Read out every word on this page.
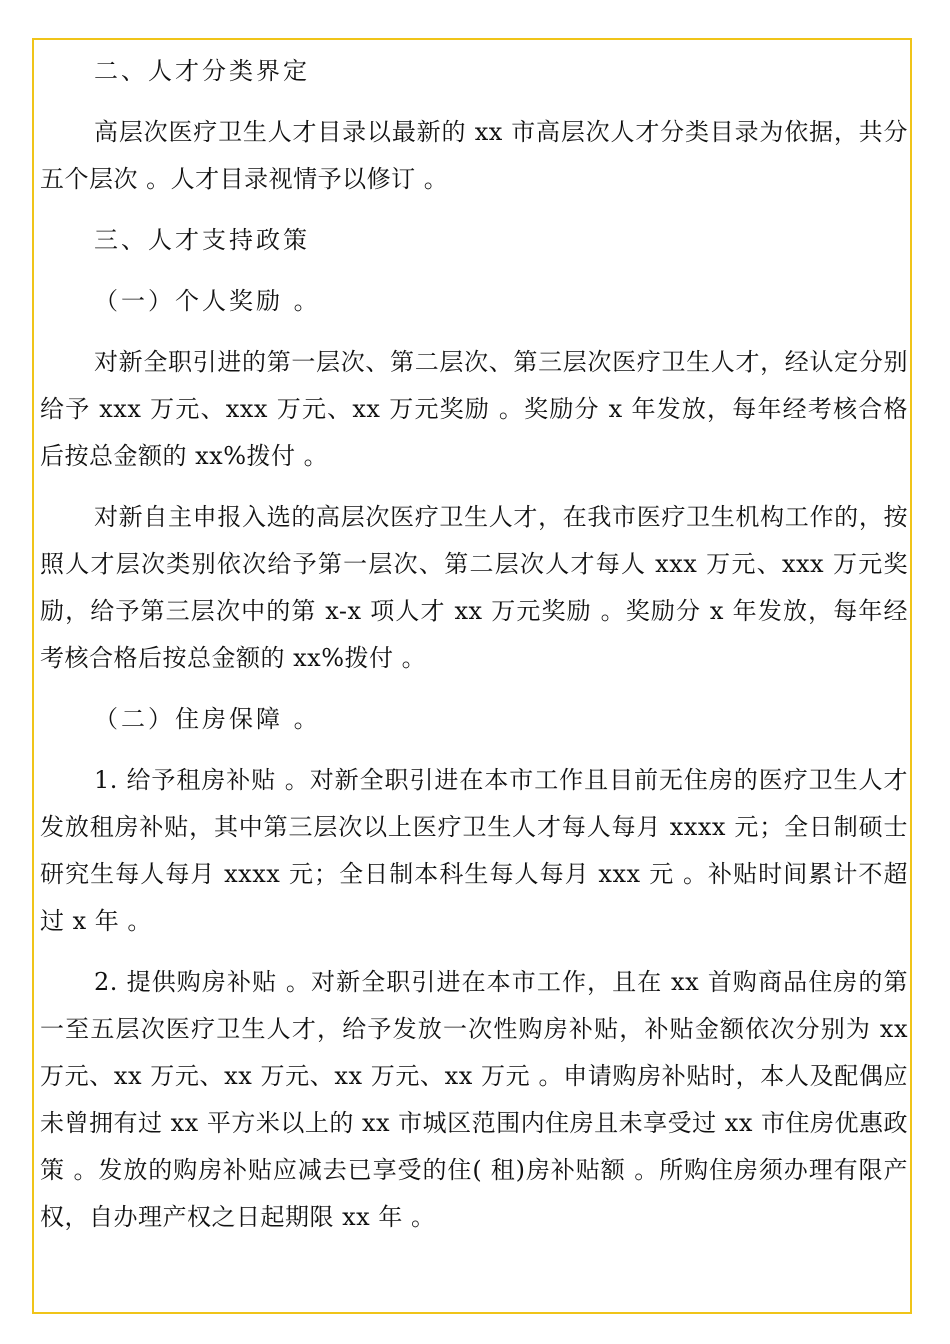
二、人才分类界定

高层次医疗卫生人才目录以最新的 xx 市高层次人才分类目录为依据，共分五个层次 。人才目录视情予以修订 。

三、人才支持政策

（一）个人奖励 。

对新全职引进的第一层次、第二层次、第三层次医疗卫生人才，经认定分别给予 xxx 万元、xxx 万元、xx 万元奖励 。奖励分 x 年发放，每年经考核合格后按总金额的 xx%拨付 。

对新自主申报入选的高层次医疗卫生人才，在我市医疗卫生机构工作的，按照人才层次类别依次给予第一层次、第二层次人才每人 xxx 万元、xxx 万元奖励，给予第三层次中的第 x-x 项人才 xx 万元奖励 。奖励分 x 年发放，每年经考核合格后按总金额的 xx%拨付 。

（二）住房保障 。

1. 给予租房补贴 。对新全职引进在本市工作且目前无住房的医疗卫生人才发放租房补贴，其中第三层次以上医疗卫生人才每人每月 xxxx 元；全日制硕士研究生每人每月 xxxx 元；全日制本科生每人每月 xxx 元 。补贴时间累计不超过 x 年 。

2. 提供购房补贴 。对新全职引进在本市工作，且在 xx 首购商品住房的第一至五层次医疗卫生人才，给予发放一次性购房补贴，补贴金额依次分别为 xx 万元、xx 万元、xx 万元、xx 万元、xx 万元 。申请购房补贴时，本人及配偶应未曾拥有过 xx 平方米以上的 xx 市城区范围内住房且未享受过 xx 市住房优惠政策 。发放的购房补贴应减去已享受的住( 租)房补贴额 。所购住房须办理有限产权，自办理产权之日起期限 xx 年 。
